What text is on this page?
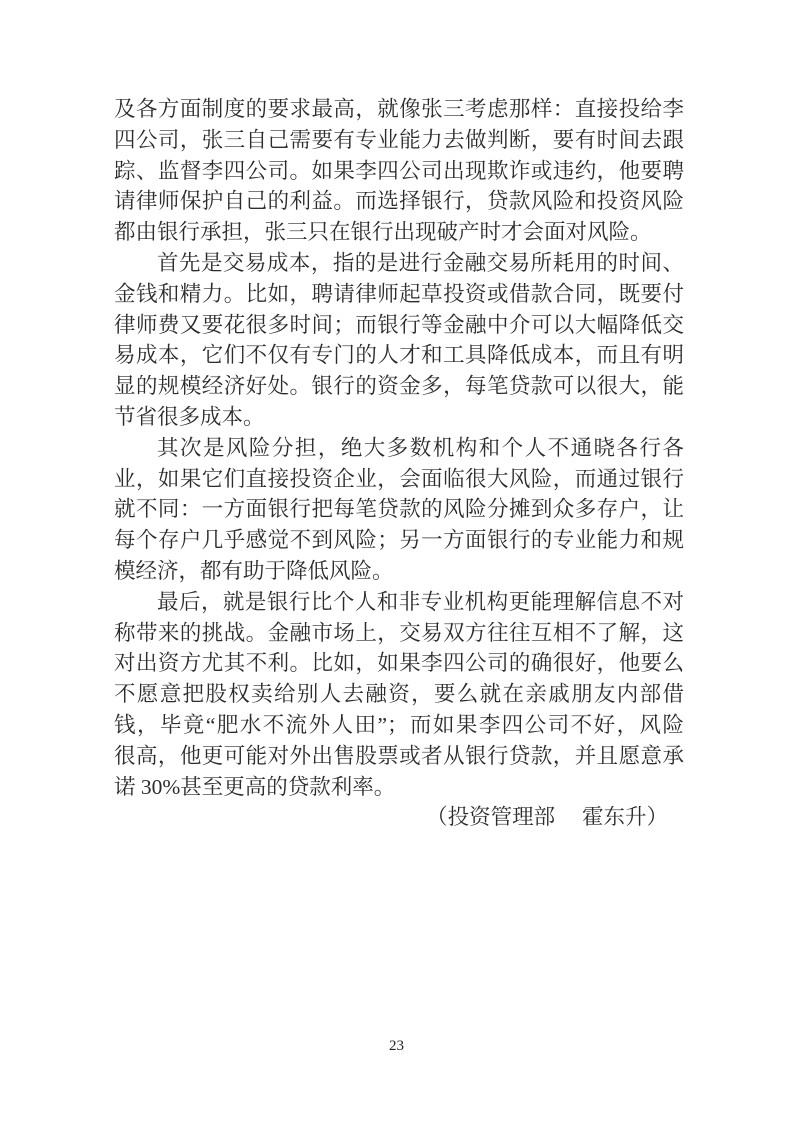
及各方面制度的要求最高，就像张三考虑那样：直接投给李
四公司，张三自己需要有专业能力去做判断，要有时间去跟
踪、监督李四公司。如果李四公司出现欺诈或违约，他要聘
请律师保护自己的利益。而选择银行，贷款风险和投资风险
都由银行承担，张三只在银行出现破产时才会面对风险。
首先是交易成本，指的是进行金融交易所耗用的时间、
金钱和精力。比如，聘请律师起草投资或借款合同，既要付
律师费又要花很多时间；而银行等金融中介可以大幅降低交
易成本，它们不仅有专门的人才和工具降低成本，而且有明
显的规模经济好处。银行的资金多，每笔贷款可以很大，能
节省很多成本。
其次是风险分担，绝大多数机构和个人不通晓各行各
业，如果它们直接投资企业，会面临很大风险，而通过银行
就不同：一方面银行把每笔贷款的风险分摊到众多存户，让
每个存户几乎感觉不到风险；另一方面银行的专业能力和规
模经济，都有助于降低风险。
最后，就是银行比个人和非专业机构更能理解信息不对
称带来的挑战。金融市场上，交易双方往往互相不了解，这
对出资方尤其不利。比如，如果李四公司的确很好，他要么
不愿意把股权卖给别人去融资，要么就在亲戚朋友内部借
钱，毕竟“肥水不流外人田”；而如果李四公司不好，风险
很高，他更可能对外出售股票或者从银行贷款，并且愿意承
诺 30%甚至更高的贷款利率。
（投资管理部　 霍东升）
23
